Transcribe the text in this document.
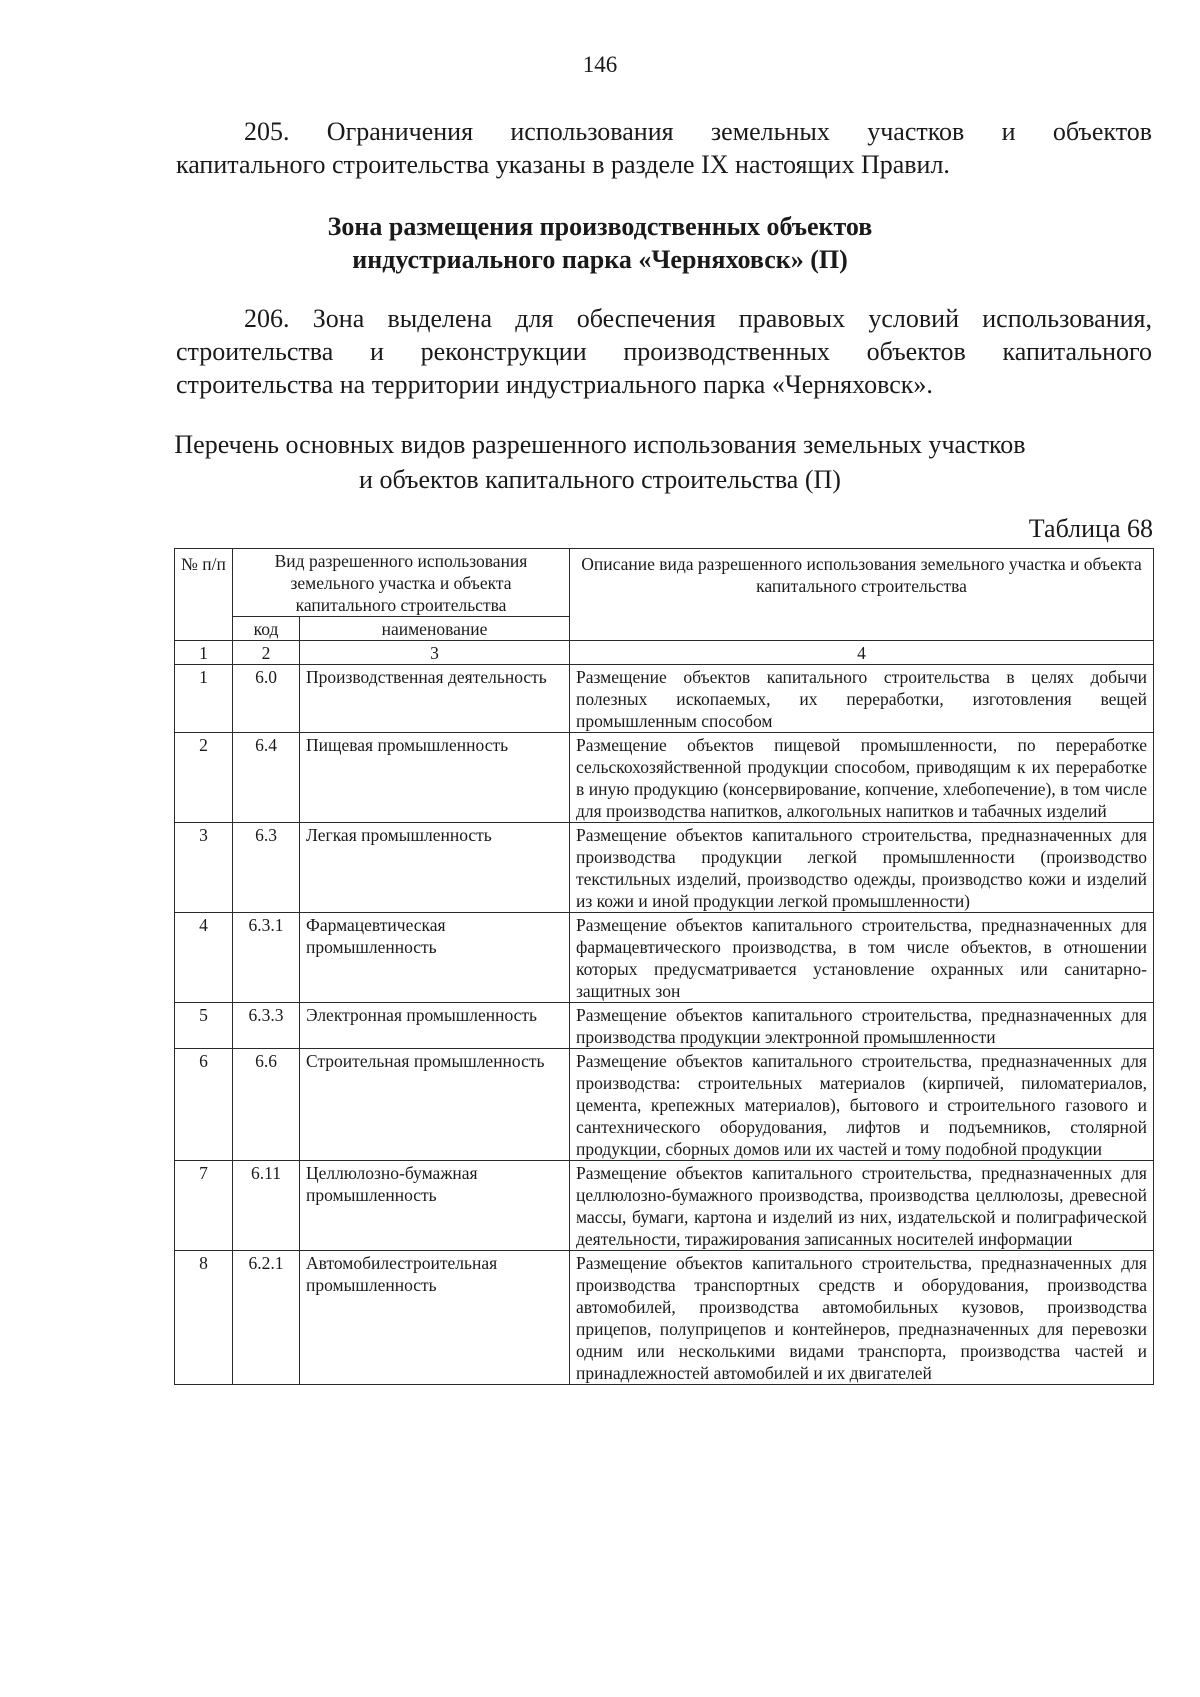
146
205. Ограничения использования земельных участков и объектов
капитального строительства указаны в разделе IX настоящих Правил.
Зона размещения производственных объектов
индустриального парка «Черняховск» (П)
206. Зона выделена для обеспечения правовых условий использования,
строительства и реконструкции производственных объектов капитального
строительства на территории индустриального парка «Черняховск».
Перечень основных видов разрешенного использования земельных участков
и объектов капитального строительства (П)
Таблица 68
№ п/п	Вид разрешенного использования земельного участка и объекта капитального строительства		Описание вида разрешенного использования земельного участка и объекта капитального строительства
	код	наименование	
1	2	3	4
1	6.0	Производственная деятельность	Размещение объектов капитального строительства в целях добычи полезных ископаемых, их переработки, изготовления вещей промышленным способом
2	6.4	Пищевая промышленность	Размещение объектов пищевой промышленности, по переработке сельскохозяйственной продукции способом, приводящим к их переработке в иную продукцию (консервирование, копчение, хлебопечение), в том числе для производства напитков, алкогольных напитков и табачных изделий
3	6.3	Легкая промышленность	Размещение объектов капитального строительства, предназначенных для производства продукции легкой промышленности (производство текстильных изделий, производство одежды, производство кожи и изделий из кожи и иной продукции легкой промышленности)
4	6.3.1	Фармацевтическая промышленность	Размещение объектов капитального строительства, предназначенных для фармацевтического производства, в том числе объектов, в отношении которых предусматривается установление охранных или санитарно-защитных зон
5	6.3.3	Электронная промышленность	Размещение объектов капитального строительства, предназначенных для производства продукции электронной промышленности
6	6.6	Строительная промышленность	Размещение объектов капитального строительства, предназначенных для производства: строительных материалов (кирпичей, пиломатериалов, цемента, крепежных материалов), бытового и строительного газового и сантехнического оборудования, лифтов и подъемников, столярной продукции, сборных домов или их частей и тому подобной продукции
7	6.11	Целлюлозно-бумажная промышленность	Размещение объектов капитального строительства, предназначенных для целлюлозно-бумажного производства, производства целлюлозы, древесной массы, бумаги, картона и изделий из них, издательской и полиграфической деятельности, тиражирования записанных носителей информации
8	6.2.1	Автомобилестроительная промышленность	Размещение объектов капитального строительства, предназначенных для производства транспортных средств и оборудования, производства автомобилей, производства автомобильных кузовов, производства прицепов, полуприцепов и контейнеров, предназначенных для перевозки одним или несколькими видами транспорта, производства частей и принадлежностей автомобилей и их двигателей
